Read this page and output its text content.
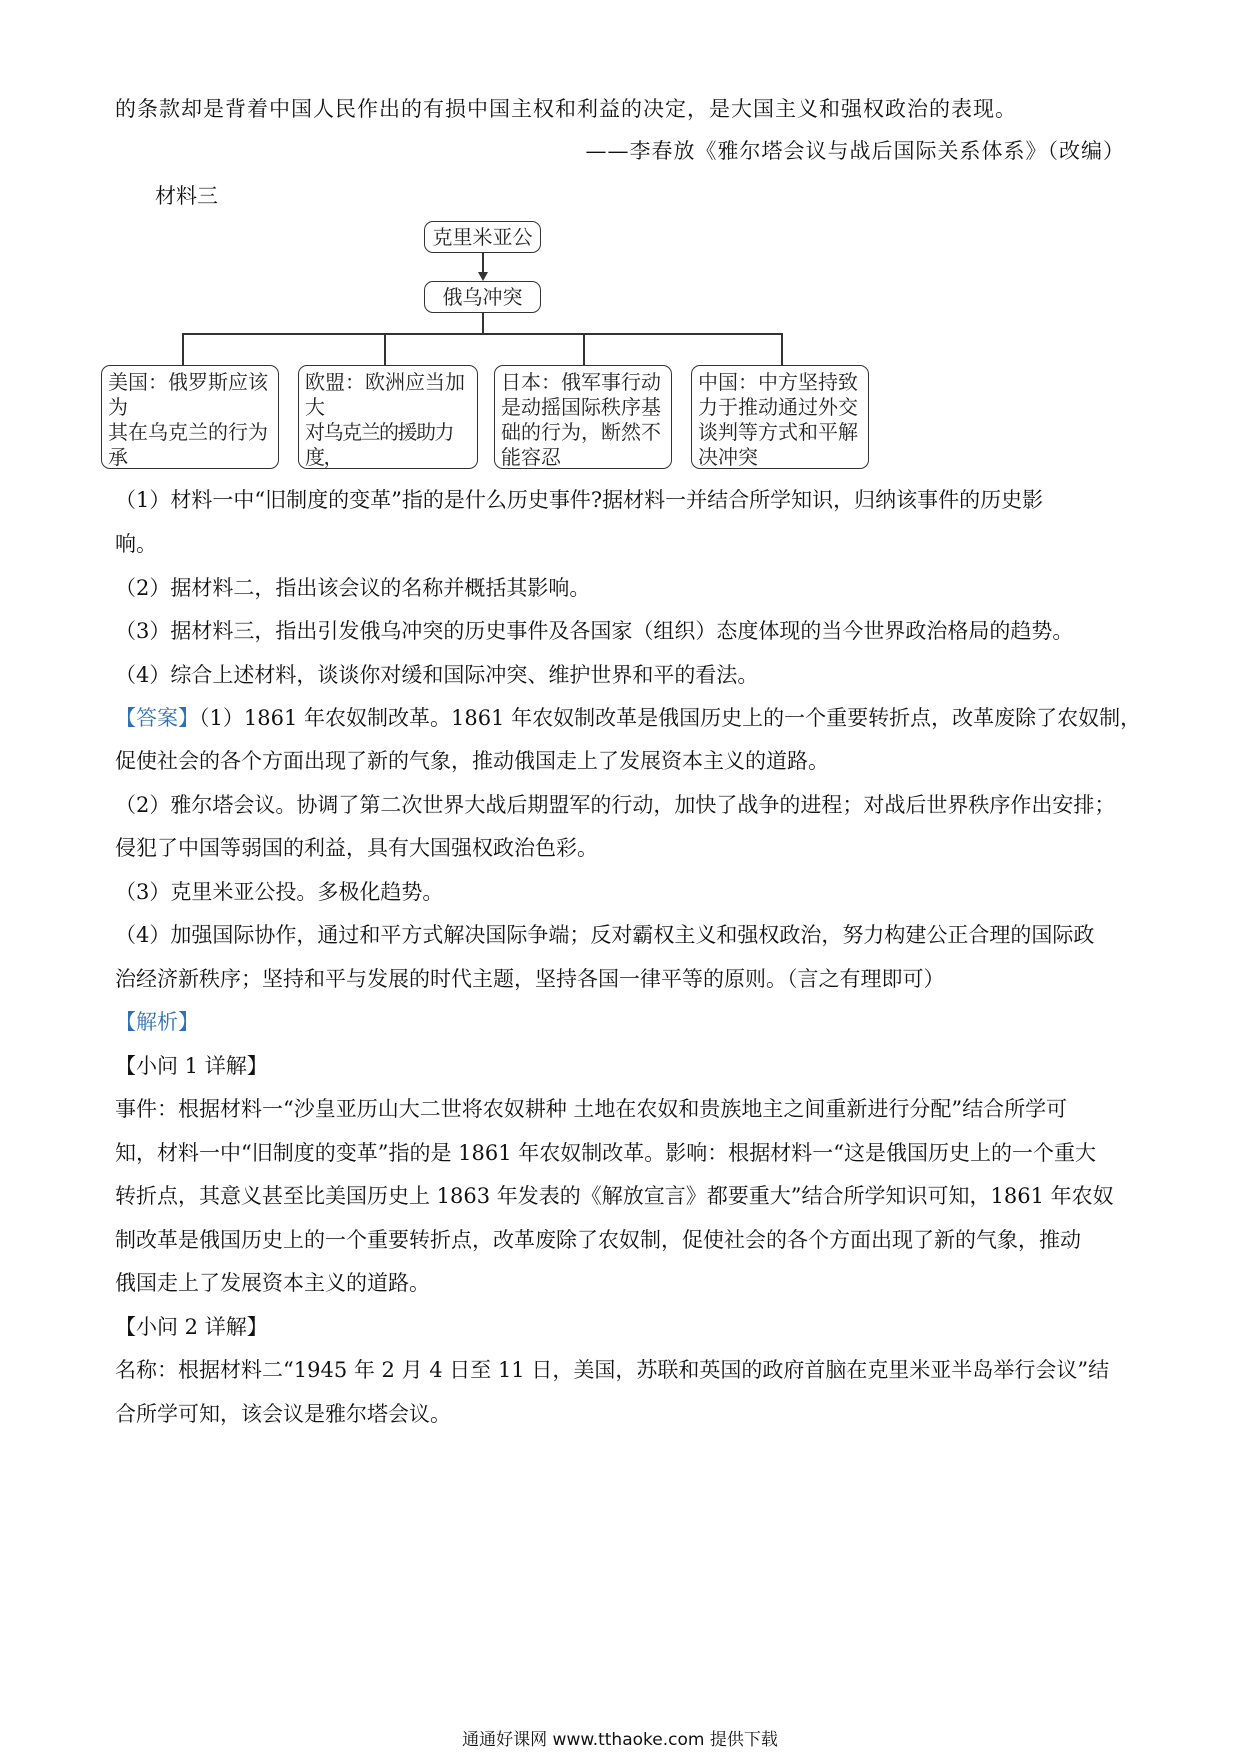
的条款却是背着中国人民作出的有损中国主权和利益的决定，是大国主义和强权政治的表现。
——李春放《雅尔塔会议与战后国际关系体系》（改编）
材料三
克里米亚公
俄乌冲突
美国：俄罗斯应该为
其在乌克兰的行为承
欧盟：欧洲应当加大
对乌克兰的援助力度，
日本：俄军事行动
是动摇国际秩序基
础的行为，断然不
能容忍
中国：中方坚持致
力于推动通过外交
谈判等方式和平解
决冲突
（1）材料一中“旧制度的变革”指的是什么历史事件?据材料一并结合所学知识，归纳该事件的历史影
响。
（2）据材料二，指出该会议的名称并概括其影响。
（3）据材料三，指出引发俄乌冲突的历史事件及各国家（组织）态度体现的当今世界政治格局的趋势。
（4）综合上述材料，谈谈你对缓和国际冲突、维护世界和平的看法。
【答案】（1）1861 年农奴制改革。1861 年农奴制改革是俄国历史上的一个重要转折点，改革废除了农奴制，
促使社会的各个方面出现了新的气象，推动俄国走上了发展资本主义的道路。
（2）雅尔塔会议。协调了第二次世界大战后期盟军的行动，加快了战争的进程；对战后世界秩序作出安排；
侵犯了中国等弱国的利益，具有大国强权政治色彩。
（3）克里米亚公投。多极化趋势。
（4）加强国际协作，通过和平方式解决国际争端；反对霸权主义和强权政治，努力构建公正合理的国际政
治经济新秩序；坚持和平与发展的时代主题，坚持各国一律平等的原则。（言之有理即可）
【解析】
【小问 1 详解】
事件：根据材料一“沙皇亚历山大二世将农奴耕种 土地在农奴和贵族地主之间重新进行分配”结合所学可
知，材料一中“旧制度的变革”指的是 1861 年农奴制改革。影响：根据材料一“这是俄国历史上的一个重大
转折点，其意义甚至比美国历史上 1863 年发表的《解放宣言》都要重大”结合所学知识可知，1861 年农奴
制改革是俄国历史上的一个重要转折点，改革废除了农奴制，促使社会的各个方面出现了新的气象，推动
俄国走上了发展资本主义的道路。
【小问 2 详解】
名称：根据材料二“1945 年 2 月 4 日至 11 日，美国，苏联和英国的政府首脑在克里米亚半岛举行会议”结
合所学可知，该会议是雅尔塔会议。
通通好课网 www.tthaoke.com 提供下载
